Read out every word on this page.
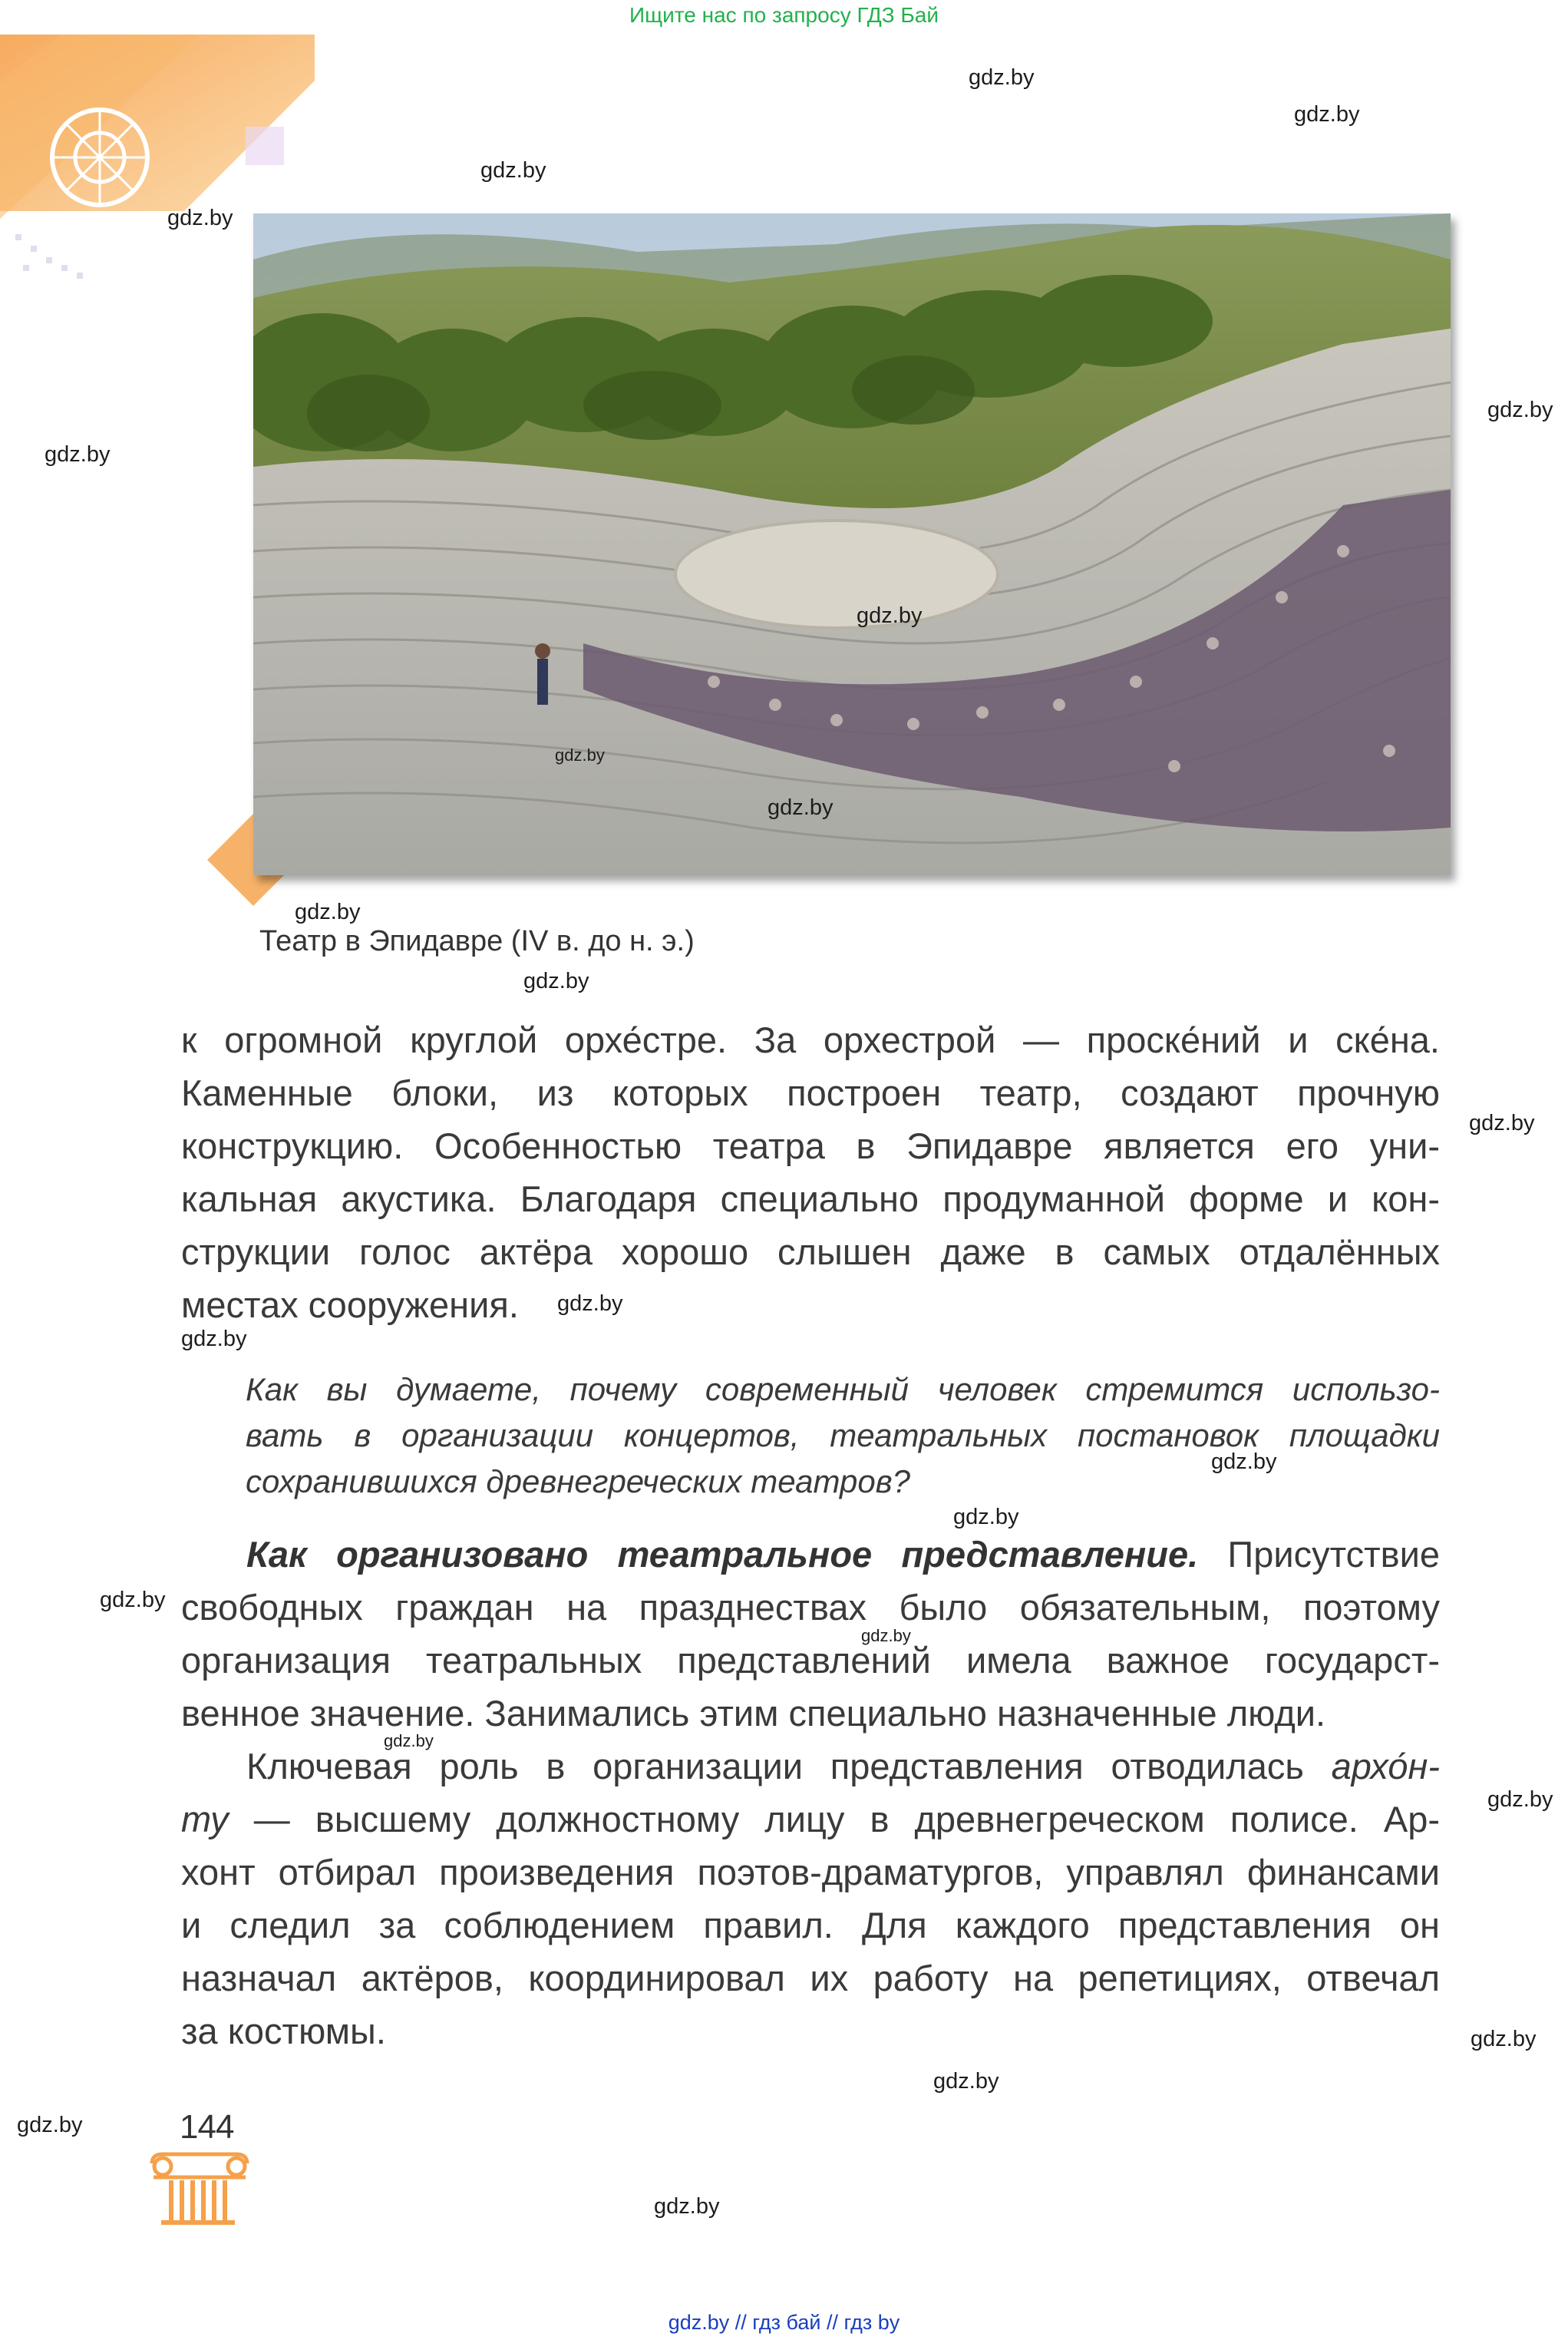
Ищите нас по запросу ГДЗ Бай
Театр в Эпидавре (IV в. до н. э.)
к огромной круглой орхе́стре. За орхестрой — проске́ний и ске́на.
Каменные блоки, из которых построен театр, создают прочную
конструкцию. Особенностью театра в Эпидавре является его уни-
кальная акустика. Благодаря специально продуманной форме и кон-
струкции голос актёра хорошо слышен даже в самых отдалённых
местах сооружения.
Как вы думаете, почему современный человек стремится использо-
вать в организации концертов, театральных постановок площадки
сохранившихся древнегреческих театров?
Как организовано театральное представление. Присутствие
свободных граждан на празднествах было обязательным, поэтому
организация театральных представлений имела важное государст-
венное значение. Занимались этим специально назначенные люди.
Ключевая роль в организации представления отводилась архо́н-
ту — высшему должностному лицу в древнегреческом полисе. Ар-
хонт отбирал произведения поэтов-драматургов, управлял финансами
и следил за соблюдением правил. Для каждого представления он
назначал актёров, координировал их работу на репетициях, отвечал
за костюмы.
144
gdz.by
gdz.by
gdz.by
gdz.by
gdz.by
gdz.by
gdz.by
gdz.by
gdz.by
gdz.by
gdz.by
gdz.by
gdz.by
gdz.by
gdz.by
gdz.by
gdz.by
gdz.by
gdz.by
gdz.by
gdz.by
gdz.by
gdz.by
gdz.by
gdz.by // гдз бай // гдз by
